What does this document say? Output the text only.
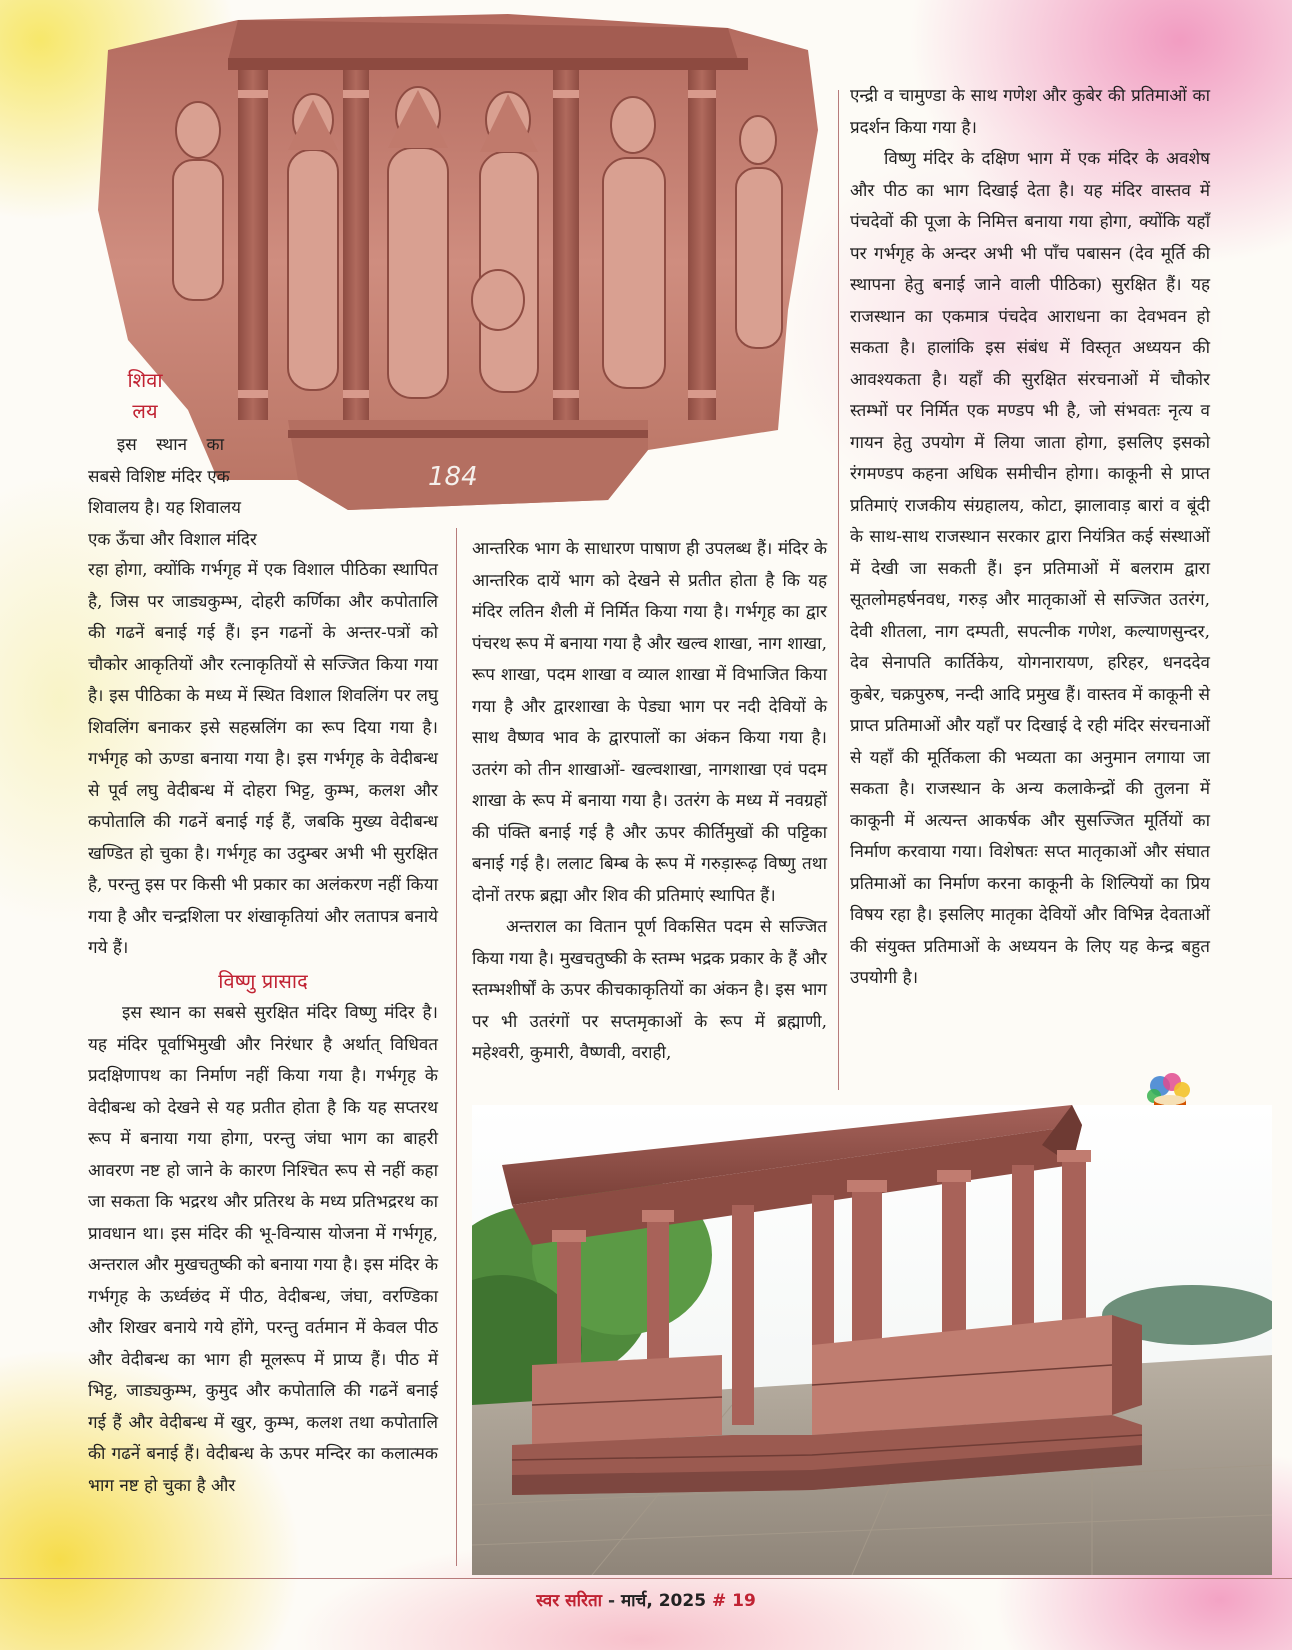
184
शिवा
लय
इस स्थान का
सबसे विशिष्ट मंदिर एक
शिवालय है। यह शिवालय
एक ऊँचा और विशाल मंदिर

रहा होगा, क्योंकि गर्भगृह में एक विशाल पीठिका स्थापित है, जिस पर जाड्यकुम्भ, दोहरी कर्णिका और कपोतालि की गढनें बनाई गई हैं। इन गढनों के अन्तर-पत्रों को चौकोर आकृतियों और रत्नाकृतियों से सज्जित किया गया है। इस पीठिका के मध्य में स्थित विशाल शिवलिंग पर लघु शिवलिंग बनाकर इसे सहस्रलिंग का रूप दिया गया है। गर्भगृह को ऊण्डा बनाया गया है। इस गर्भगृह के वेदीबन्ध से पूर्व लघु वेदीबन्ध में दोहरा भिट्ट, कुम्भ, कलश और कपोतालि की गढनें बनाई गई हैं, जबकि मुख्य वेदीबन्ध खण्डित हो चुका है। गर्भगृह का उदुम्बर अभी भी सुरक्षित है, परन्तु इस पर किसी भी प्रकार का अलंकरण नहीं किया गया है और चन्द्रशिला पर शंखाकृतियां और लतापत्र बनाये गये हैं।

विष्णु प्रासाद

इस स्थान का सबसे सुरक्षित मंदिर विष्णु मंदिर है। यह मंदिर पूर्वाभिमुखी और निरंधार है अर्थात् विधिवत प्रदक्षिणापथ का निर्माण नहीं किया गया है। गर्भगृह के वेदीबन्ध को देखने से यह प्रतीत होता है कि यह सप्तरथ रूप में बनाया गया होगा, परन्तु जंघा भाग का बाहरी आवरण नष्ट हो जाने के कारण निश्चित रूप से नहीं कहा जा सकता कि भद्ररथ और प्रतिरथ के मध्य प्रतिभद्ररथ का प्रावधान था। इस मंदिर की भू-विन्यास योजना में गर्भगृह, अन्तराल और मुखचतुष्की को बनाया गया है। इस मंदिर के गर्भगृह के ऊर्ध्वछंद में पीठ, वेदीबन्ध, जंघा, वरण्डिका और शिखर बनाये गये होंगे, परन्तु वर्तमान में केवल पीठ और वेदीबन्ध का भाग ही मूलरूप में प्राप्य हैं। पीठ में भिट्ट, जाड्यकुम्भ, कुमुद और कपोतालि की गढनें बनाई गई हैं और वेदीबन्ध में खुर, कुम्भ, कलश तथा कपोतालि की गढनें बनाई हैं। वेदीबन्ध के ऊपर मन्दिर का कलात्मक भाग नष्ट हो चुका है और

आन्तरिक भाग के साधारण पाषाण ही उपलब्ध हैं। मंदिर के आन्तरिक दायें भाग को देखने से प्रतीत होता है कि यह मंदिर लतिन शैली में निर्मित किया गया है। गर्भगृह का द्वार पंचरथ रूप में बनाया गया है और खल्व शाखा, नाग शाखा, रूप शाखा, पदम शाखा व व्याल शाखा में विभाजित किया गया है और द्वारशाखा के पेड्या भाग पर नदी देवियों के साथ वैष्णव भाव के द्वारपालों का अंकन किया गया है। उतरंग को तीन शाखाओं- खल्वशाखा, नागशाखा एवं पदम शाखा के रूप में बनाया गया है। उतरंग के मध्य में नवग्रहों की पंक्ति बनाई गई है और ऊपर कीर्तिमुखों की पट्टिका बनाई गई है। ललाट बिम्ब के रूप में गरुड़ारूढ़ विष्णु तथा दोनों तरफ ब्रह्मा और शिव की प्रतिमाएं स्थापित हैं।

अन्तराल का वितान पूर्ण विकसित पदम से सज्जित किया गया है। मुखचतुष्की के स्तम्भ भद्रक प्रकार के हैं और स्तम्भशीर्षों के ऊपर कीचकाकृतियों का अंकन है। इस भाग पर भी उतरंगों पर सप्तमृकाओं के रूप में ब्रह्माणी, महेश्वरी, कुमारी, वैष्णवी, वराही,

एन्द्री व चामुण्डा के साथ गणेश और कुबेर की प्रतिमाओं का प्रदर्शन किया गया है।

विष्णु मंदिर के दक्षिण भाग में एक मंदिर के अवशेष और पीठ का भाग दिखाई देता है। यह मंदिर वास्तव में पंचदेवों की पूजा के निमित्त बनाया गया होगा, क्योंकि यहाँ पर गर्भगृह के अन्दर अभी भी पाँच पबासन (देव मूर्ति की स्थापना हेतु बनाई जाने वाली पीठिका) सुरक्षित हैं। यह राजस्थान का एकमात्र पंचदेव आराधना का देवभवन हो सकता है। हालांकि इस संबंध में विस्तृत अध्ययन की आवश्यकता है। यहाँ की सुरक्षित संरचनाओं में चौकोर स्तम्भों पर निर्मित एक मण्डप भी है, जो संभवतः नृत्य व गायन हेतु उपयोग में लिया जाता होगा, इसलिए इसको रंगमण्डप कहना अधिक समीचीन होगा। काकूनी से प्राप्त प्रतिमाएं राजकीय संग्रहालय, कोटा, झालावाड़ बारां व बूंदी के साथ-साथ राजस्थान सरकार द्वारा नियंत्रित कई संस्थाओं में देखी जा सकती हैं। इन प्रतिमाओं में बलराम द्वारा सूतलोमहर्षनवध, गरुड़ और मातृकाओं से सज्जित उतरंग, देवी शीतला, नाग दम्पती, सपत्नीक गणेश, कल्याणसुन्दर, देव सेनापति कार्तिकेय, योगनारायण, हरिहर, धनददेव कुबेर, चक्रपुरुष, नन्दी आदि प्रमुख हैं। वास्तव में काकूनी से प्राप्त प्रतिमाओं और यहाँ पर दिखाई दे रही मंदिर संरचनाओं से यहाँ की मूर्तिकला की भव्यता का अनुमान लगाया जा सकता है। राजस्थान के अन्य कलाकेन्द्रों की तुलना में काकूनी में अत्यन्त आकर्षक और सुसज्जित मूर्तियों का निर्माण करवाया गया। विशेषतः सप्त मातृकाओं और संघात प्रतिमाओं का निर्माण करना काकूनी के शिल्पियों का प्रिय विषय रहा है। इसलिए मातृका देवियों और विभिन्न देवताओं की संयुक्त प्रतिमाओं के अध्ययन के लिए यह केन्द्र बहुत उपयोगी है।

स्वर सरिता - मार्च, 2025 # 19
